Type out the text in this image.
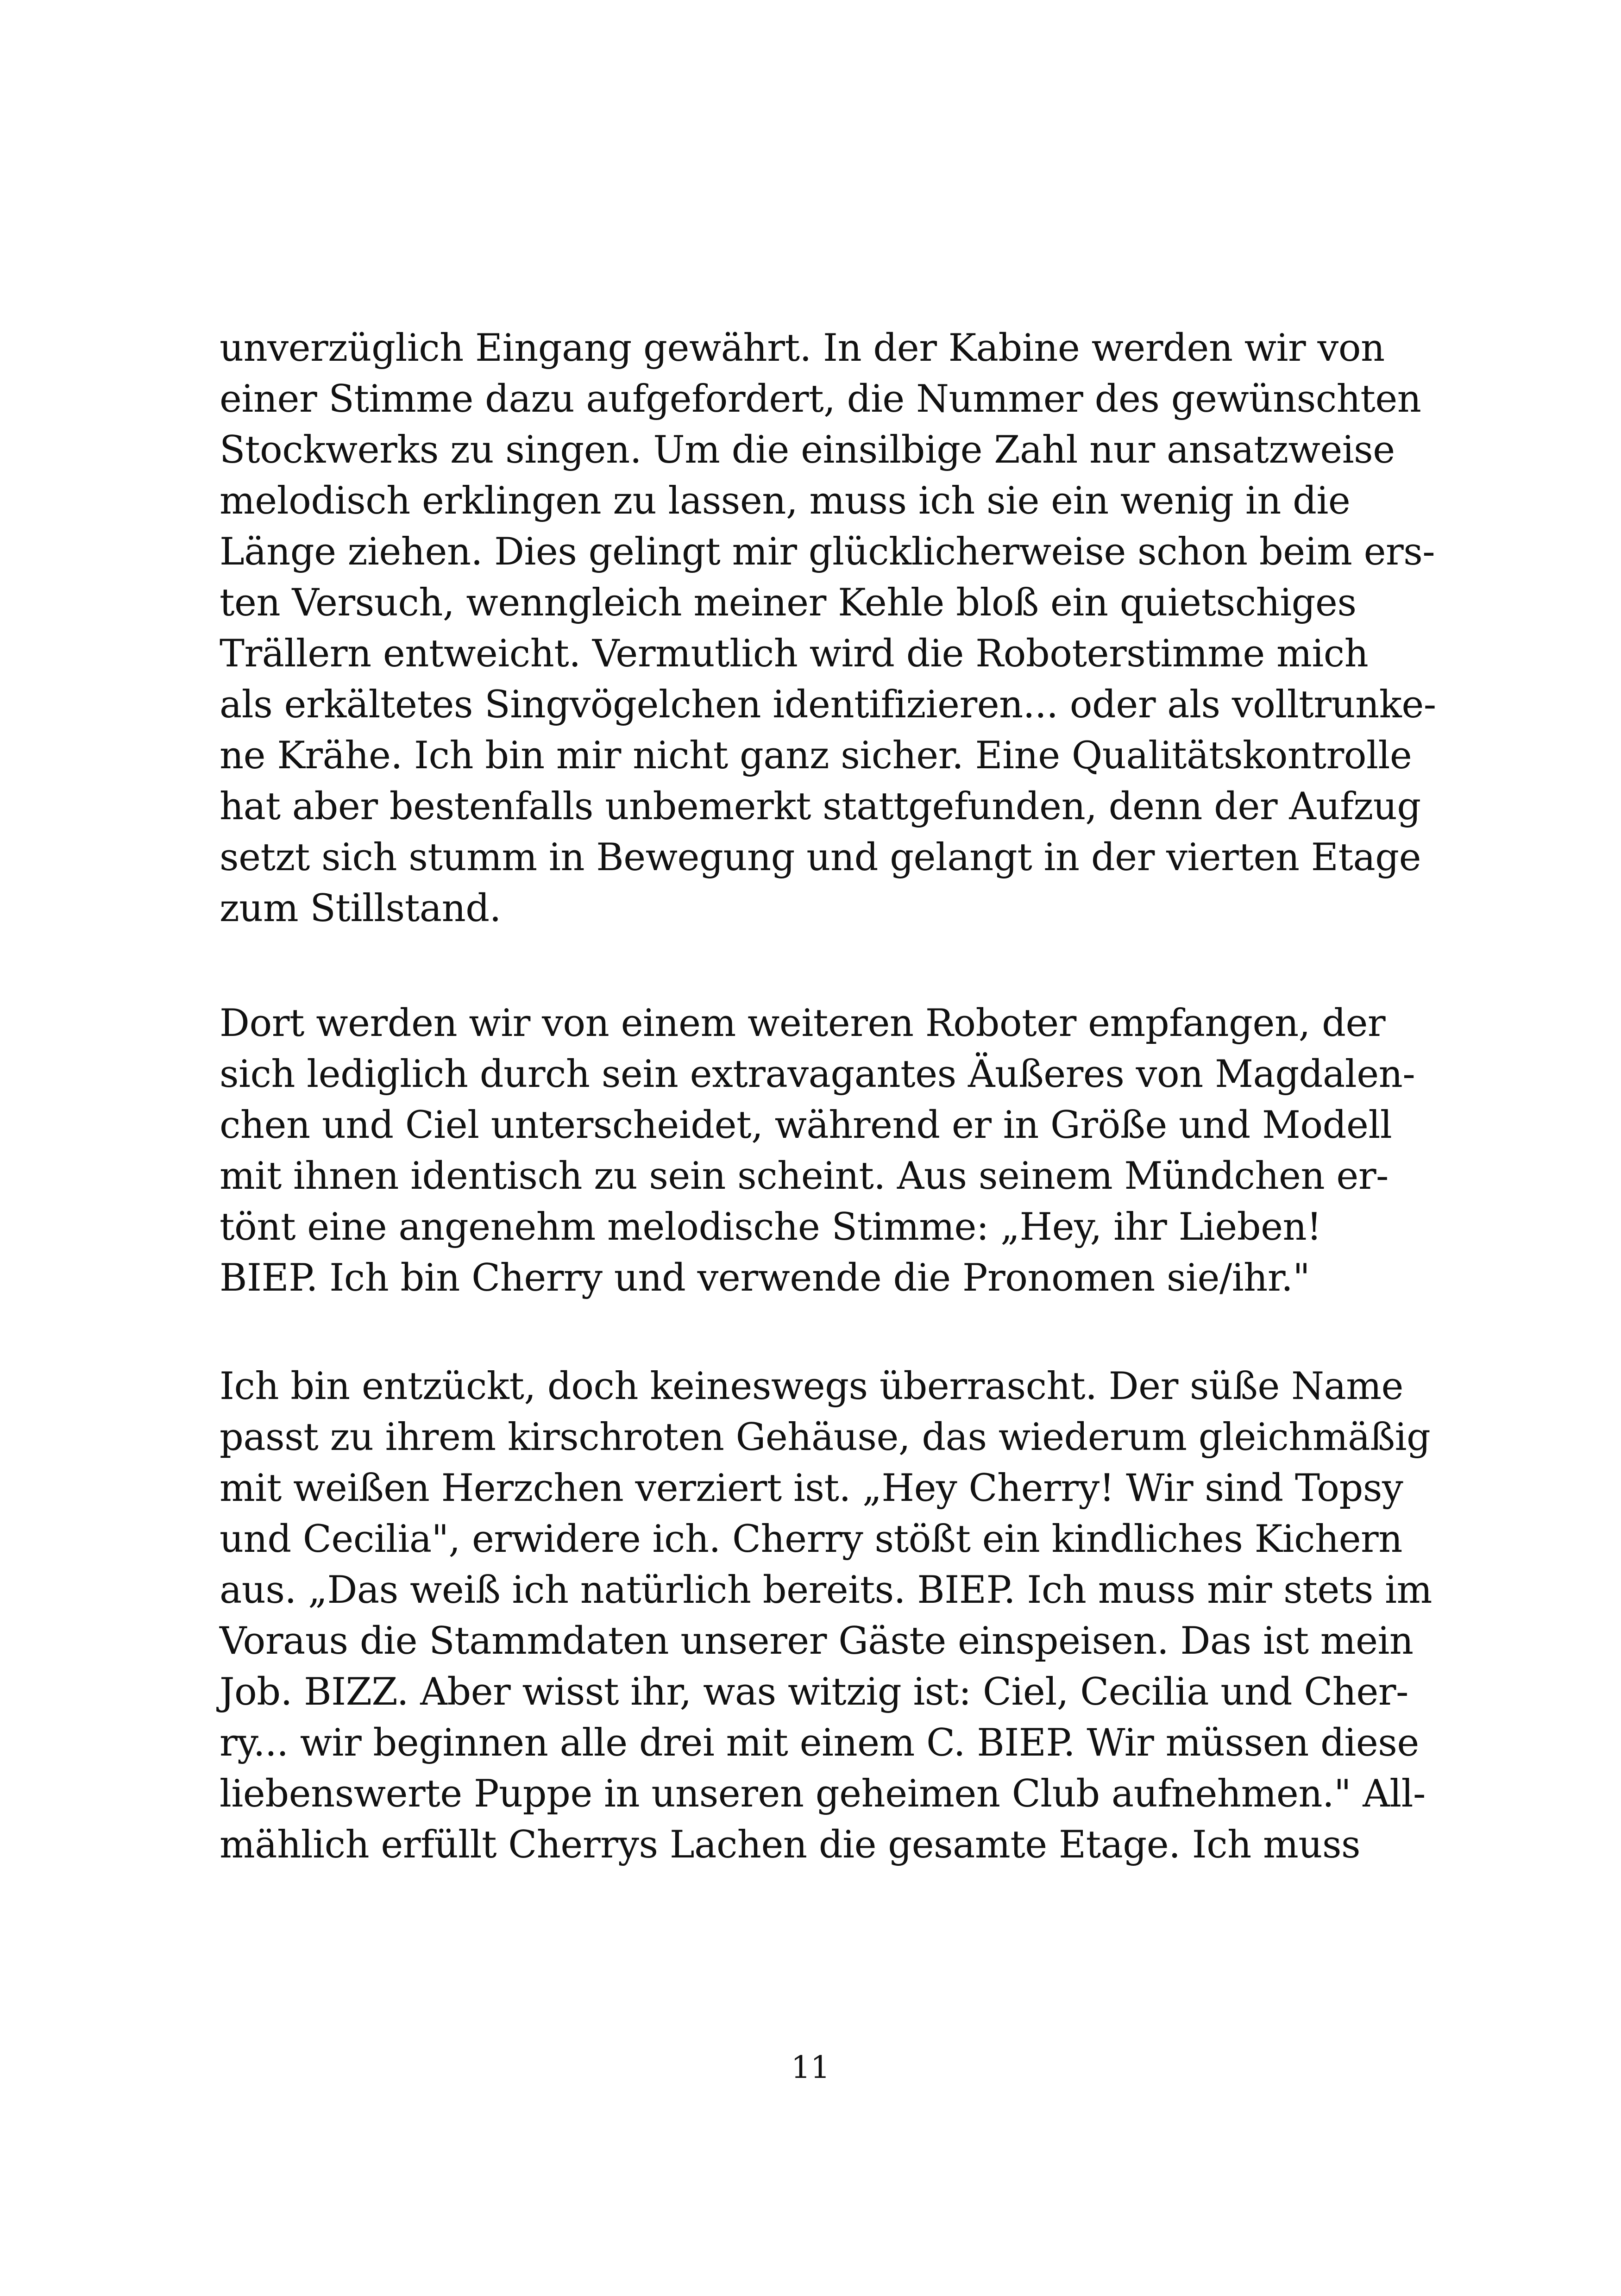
unverzüglich Eingang gewährt. In der Kabine werden wir von
einer Stimme dazu aufgefordert, die Nummer des gewünschten
Stockwerks zu singen. Um die einsilbige Zahl nur ansatzweise
melodisch erklingen zu lassen, muss ich sie ein wenig in die
Länge ziehen. Dies gelingt mir glücklicherweise schon beim ers-
ten Versuch, wenngleich meiner Kehle bloß ein quietschiges
Trällern entweicht. Vermutlich wird die Roboterstimme mich
als erkältetes Singvögelchen identifizieren... oder als volltrunke-
ne Krähe. Ich bin mir nicht ganz sicher. Eine Qualitätskontrolle
hat aber bestenfalls unbemerkt stattgefunden, denn der Aufzug
setzt sich stumm in Bewegung und gelangt in der vierten Etage
zum Stillstand.
Dort werden wir von einem weiteren Roboter empfangen, der
sich lediglich durch sein extravagantes Äußeres von Magdalen-
chen und Ciel unterscheidet, während er in Größe und Modell
mit ihnen identisch zu sein scheint. Aus seinem Mündchen er-
tönt eine angenehm melodische Stimme: „Hey, ihr Lieben!
BIEP. Ich bin Cherry und verwende die Pronomen sie/ihr."
Ich bin entzückt, doch keineswegs überrascht. Der süße Name
passt zu ihrem kirschroten Gehäuse, das wiederum gleichmäßig
mit weißen Herzchen verziert ist. „Hey Cherry! Wir sind Topsy
und Cecilia", erwidere ich. Cherry stößt ein kindliches Kichern
aus. „Das weiß ich natürlich bereits. BIEP. Ich muss mir stets im
Voraus die Stammdaten unserer Gäste einspeisen. Das ist mein
Job. BIZZ. Aber wisst ihr, was witzig ist: Ciel, Cecilia und Cher-
ry... wir beginnen alle drei mit einem C. BIEP. Wir müssen diese
liebenswerte Puppe in unseren geheimen Club aufnehmen." All-
mählich erfüllt Cherrys Lachen die gesamte Etage. Ich muss
11
